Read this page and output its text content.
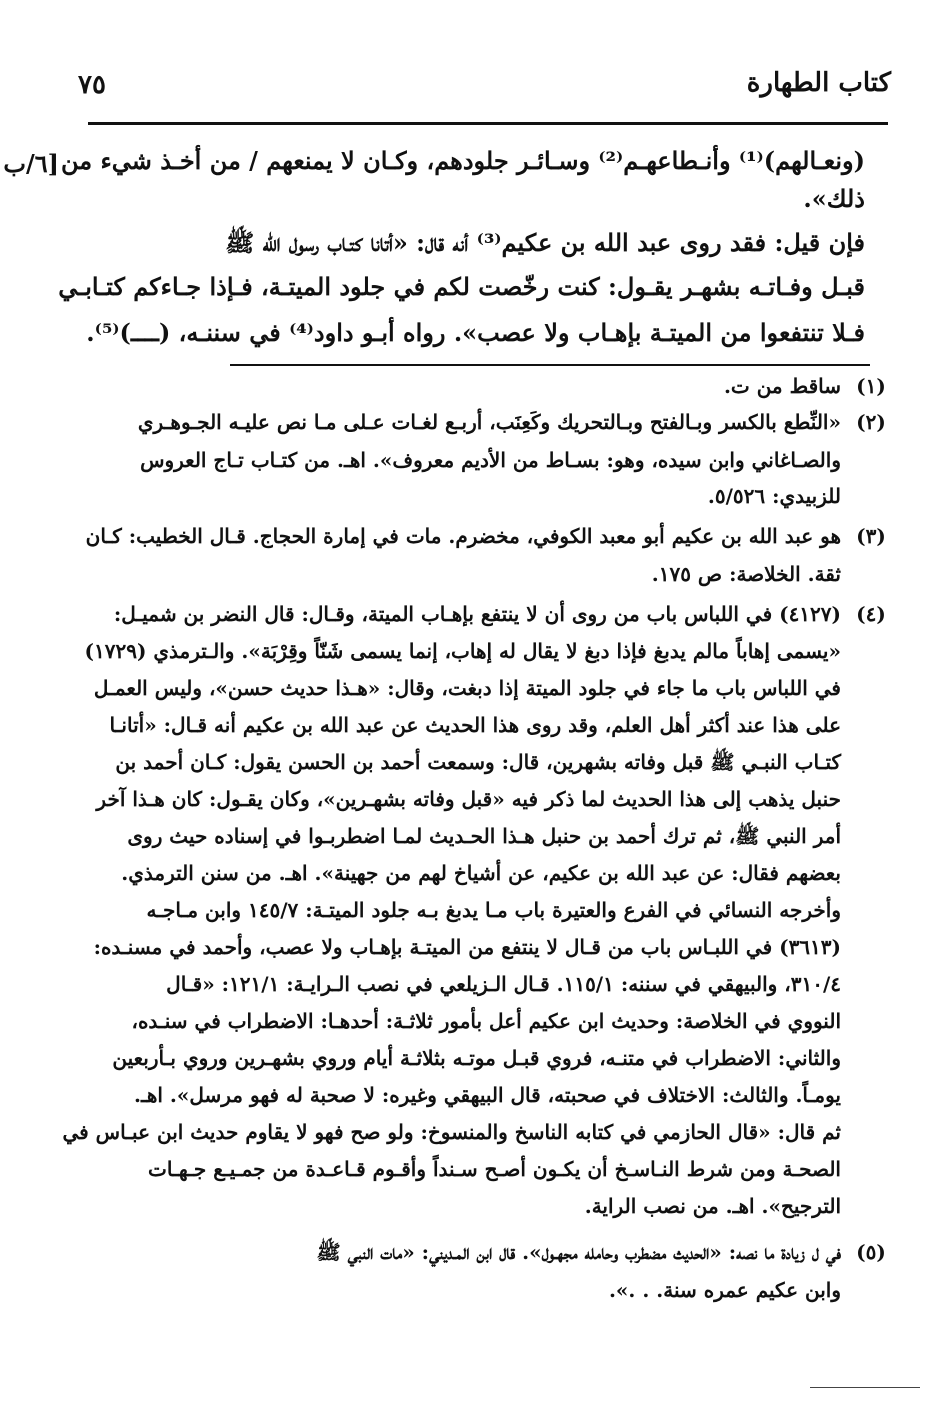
كتاب الطهارة
٧٥
[٦/ب (ونعـالهم)⁽¹⁾ وأنـطاعهـم⁽²⁾ وسـائـر جلودهم، وكـان لا يمنعهم / من أخـذ شيء من
ذلك».
فإن قيل: فقد روى عبد الله بن عكيم⁽³⁾ أنه قال: «أتانا كتـاب رسول الله ﷺ
قبـل وفـاتـه بشهـر يقـول: كنت رخّصت لكم في جلود الميتـة، فـإذا جـاءكم كتـابـي
فـلا تنتفعوا من الميتـة بإهـاب ولا عصب». رواه أبـو داود⁽⁴⁾ في سننـه، (ــــ)⁽⁵⁾.
(١)
ساقط من ت.
(٢)
«النِّطع بالكسر وبـالفتح وبـالتحريك وكَعِنَب، أربـع لغـات عـلى مـا نص عليـه الجـوهـري
والصـاغاني وابن سيده، وهو: بسـاط من الأديم معروف». اهـ. من كتـاب تـاج العروس
للزبيدي: ٥/٥٢٦.
(٣)
هو عبد الله بن عكيم أبو معبد الكوفي، مخضرم. مات في إمارة الحجاج. قـال الخطيب: كـان
ثقة. الخلاصة: ص ١٧٥.
(٤)
(٤١٢٧) في اللباس باب من روى أن لا ينتفع بإهـاب الميتة، وقـال: قال النضر بن شميـل:
«يسمى إهاباً مالم يدبغ فإذا دبغ لا يقال له إهاب، إنما يسمى شَنّاً وقِرْبَة». والـترمذي (١٧٢٩)
في اللباس باب ما جاء في جلود الميتة إذا دبغت، وقال: «هـذا حديث حسن»، وليس العمـل
على هذا عند أكثر أهل العلم، وقد روى هذا الحديث عن عبد الله بن عكيم أنه قـال: «أتانـا
كتـاب النبـي ﷺ قبل وفاته بشهرين، قال: وسمعت أحمد بن الحسن يقول: كـان أحمد بن
حنبل يذهب إلى هذا الحديث لما ذكر فيه «قبل وفاته بشهـرين»، وكان يقـول: كان هـذا آخر
أمر النبي ﷺ، ثم ترك أحمد بن حنبل هـذا الحـديث لمـا اضطربـوا في إسناده حيث روى
بعضهم فقال: عن عبد الله بن عكيم، عن أشياخ لهم من جهينة». اهـ. من سنن الترمذي.
وأخرجه النسائي في الفرع والعتيرة باب مـا يدبغ بـه جلود الميتـة: ١٤٥/٧ وابن مـاجـه
(٣٦١٣) في اللبـاس باب من قـال لا ينتفع من الميتـة بإهـاب ولا عصب، وأحمد في مسنـده:
٣١٠/٤، والبيهقي في سننه: ١١٥/١. قـال الـزيلعي في نصب الـرايـة: ١٢١/١: «قـال
النووي في الخلاصة: وحديث ابن عكيم أعل بأمور ثلاثـة: أحدهـا: الاضطراب في سنـده،
والثاني: الاضطراب في متنـه، فروي قبـل موتـه بثلاثـة أيام وروي بشهـرين وروي بـأربعين
يومـاً. والثالث: الاختلاف في صحبته، قال البيهقي وغيره: لا صحبة له فهو مرسل». اهـ.
ثم قال: «قال الحازمي في كتابه الناسخ والمنسوخ: ولو صح فهو لا يقاوم حديث ابن عبـاس في
الصحـة ومن شرط النـاسـخ أن يكـون أصـح سـنداً وأقـوم قـاعـدة من جمـيـع جـهـات
الترجيح». اهـ. من نصب الراية.
(٥)
في ل زيادة ما نصه: «الحديث مضطرب وحامله مجهـول». قال ابن المـديني: «مات النبي ﷺ
وابن عكيم عمره سنة. . .».
